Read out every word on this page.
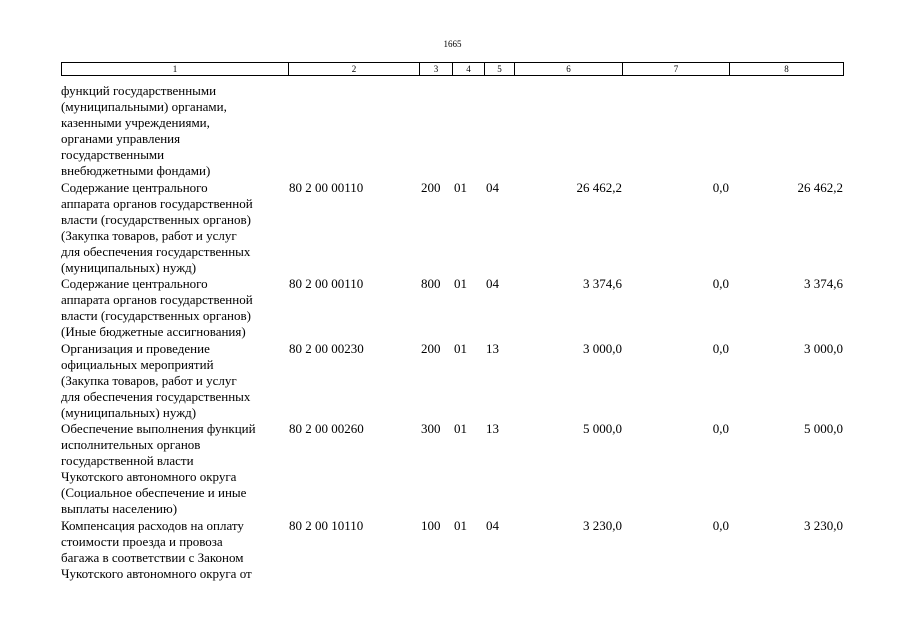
1665
1	2	3	4	5	6	7	8
функций государственными
(муниципальными) органами,
казенными учреждениями,
органами управления
государственными
внебюджетными фондами)
Содержание центрального
аппарата органов государственной
власти (государственных органов)
(Закупка товаров, работ и услуг
для обеспечения государственных
(муниципальных) нужд)
80 2 00 00110	200 01 04	26 462,2	0,0	26 462,2
Содержание центрального
аппарата органов государственной
власти (государственных органов)
(Иные бюджетные ассигнования)
80 2 00 00110	800 01 04	3 374,6	0,0	3 374,6
Организация и проведение
официальных мероприятий
(Закупка товаров, работ и услуг
для обеспечения государственных
(муниципальных) нужд)
80 2 00 00230	200 01 13	3 000,0	0,0	3 000,0
Обеспечение выполнения функций
исполнительных органов
государственной власти
Чукотского автономного округа
(Социальное обеспечение и иные
выплаты населению)
80 2 00 00260	300 01 13	5 000,0	0,0	5 000,0
Компенсация расходов на оплату
стоимости проезда и провоза
багажа в соответствии с Законом
Чукотского автономного округа от
80 2 00 10110	100 01 04	3 230,0	0,0	3 230,0
